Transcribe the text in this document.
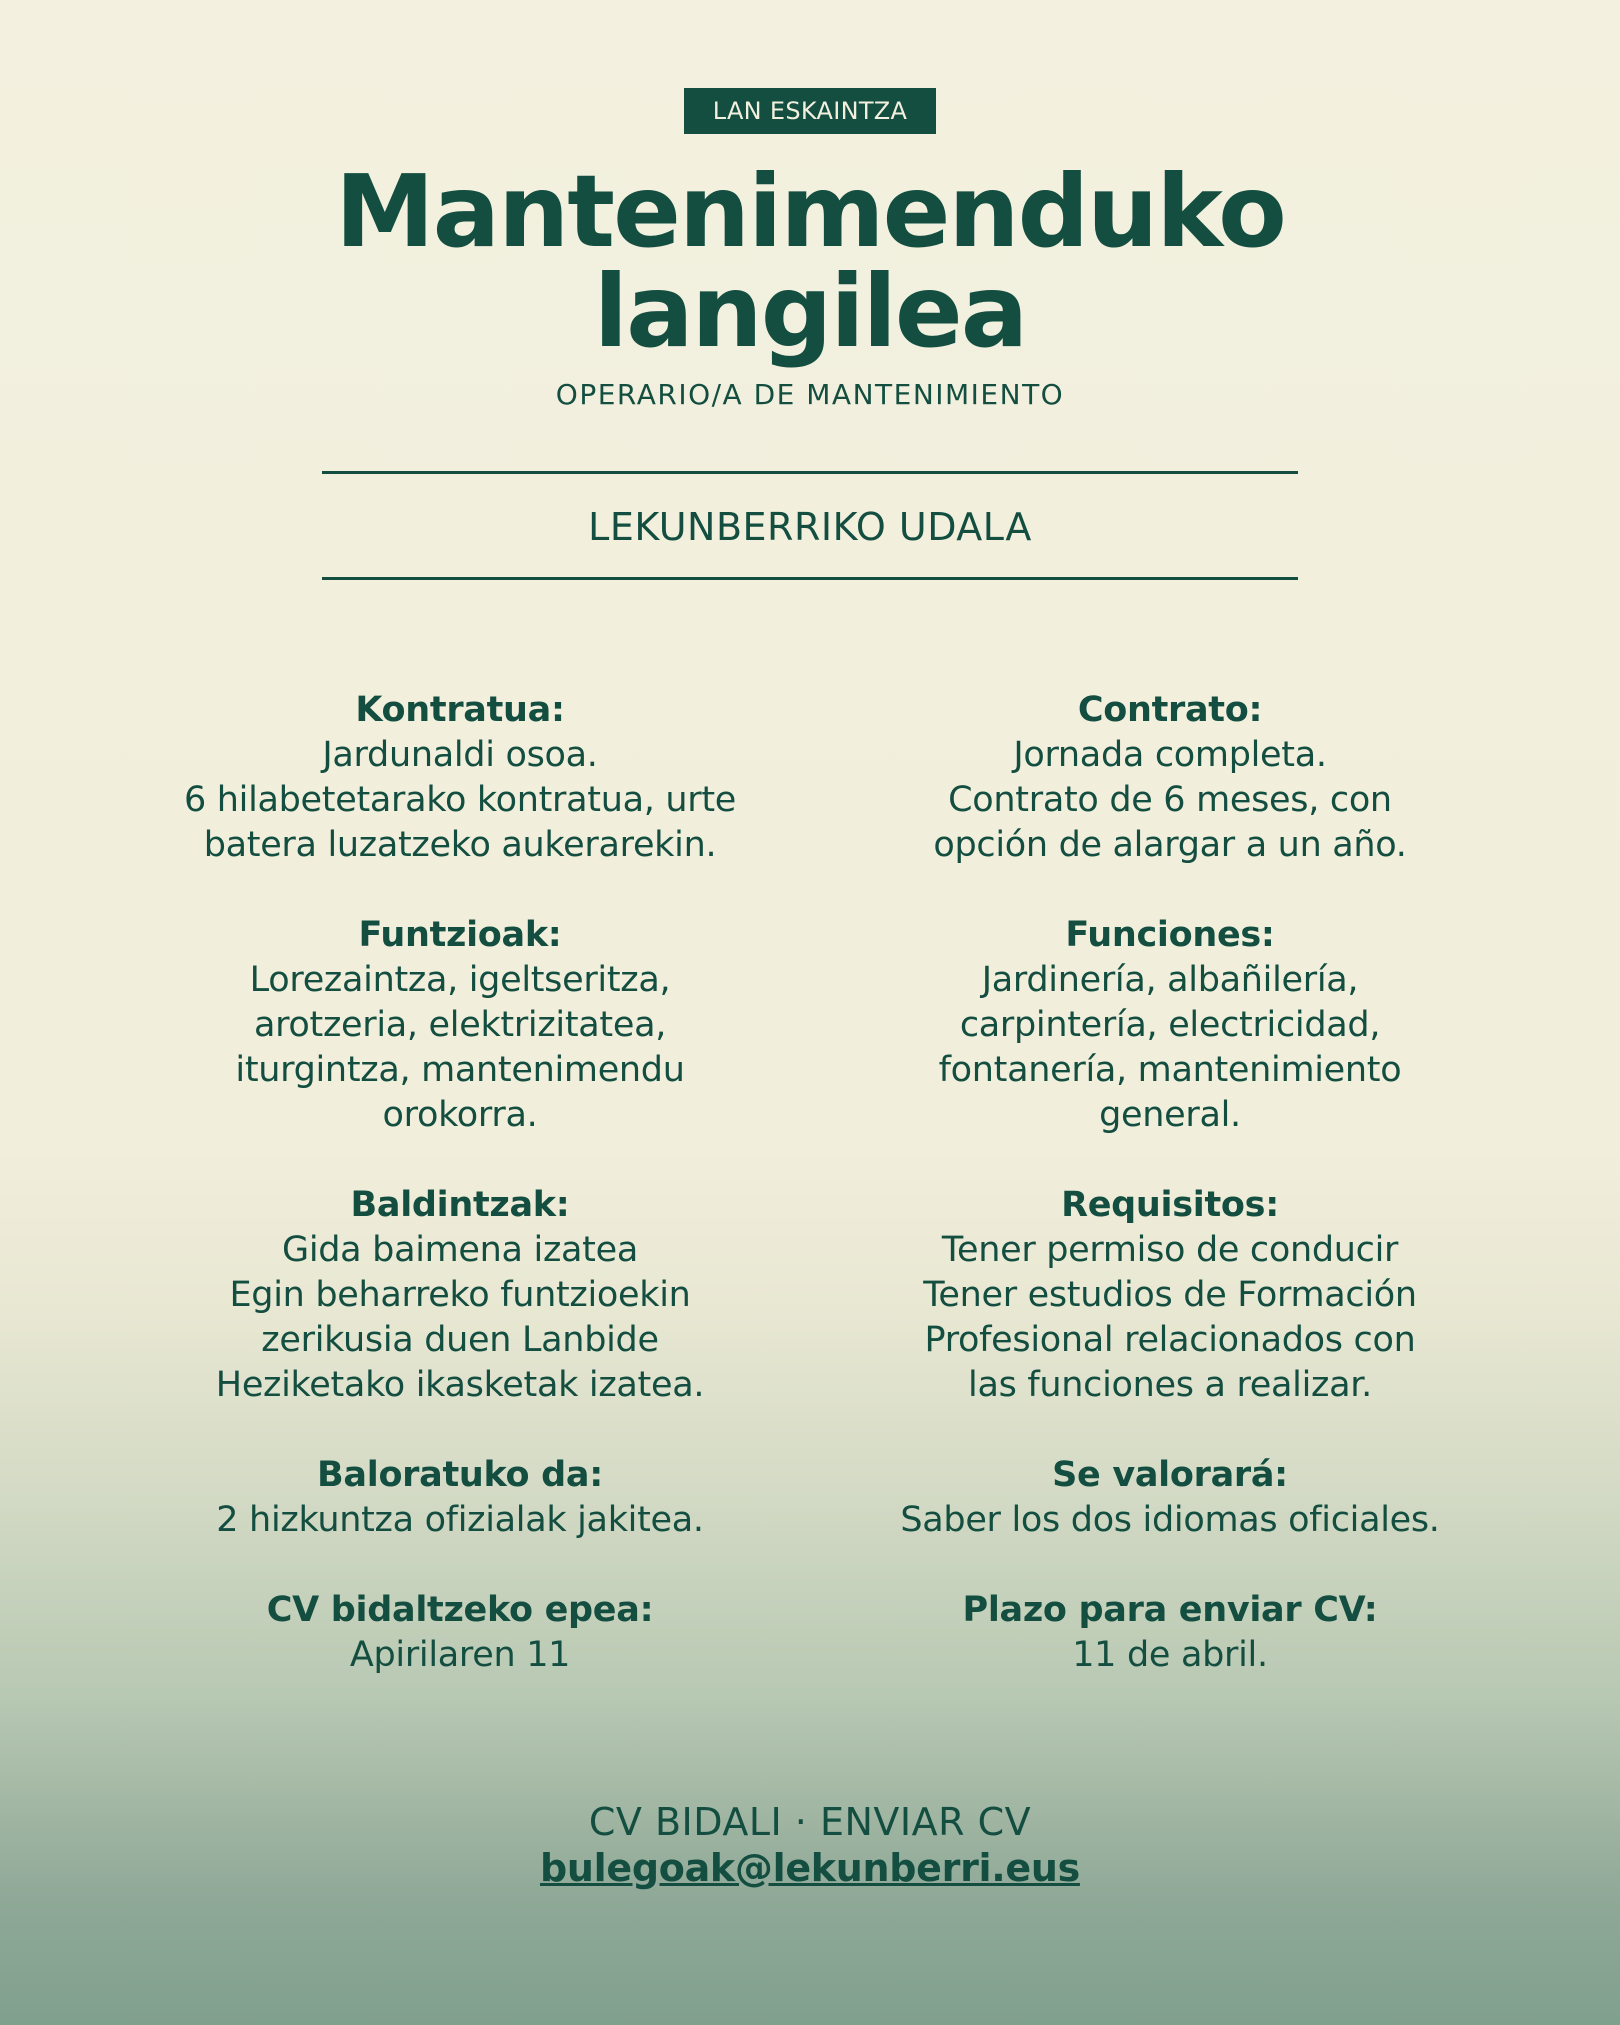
LAN ESKAINTZA
Mantenimenduko
langilea
OPERARIO/A DE MANTENIMIENTO
LEKUNBERRIKO UDALA
Kontratua:
Jardunaldi osoa.
6 hilabetetarako kontratua, urte
batera luzatzeko aukerarekin.
Funtzioak:
Lorezaintza, igeltseritza,
arotzeria, elektrizitatea,
iturgintza, mantenimendu
orokorra.
Baldintzak:
Gida baimena izatea
Egin beharreko funtzioekin
zerikusia duen Lanbide
Heziketako ikasketak izatea.
Baloratuko da:
2 hizkuntza ofizialak jakitea.
CV bidaltzeko epea:
Apirilaren 11
Contrato:
Jornada completa.
Contrato de 6 meses, con
opción de alargar a un año.
Funciones:
Jardinería, albañilería,
carpintería, electricidad,
fontanería, mantenimiento
general.
Requisitos:
Tener permiso de conducir
Tener estudios de Formación
Profesional relacionados con
las funciones a realizar.
Se valorará:
Saber los dos idiomas oficiales.
Plazo para enviar CV:
11 de abril.
CV BIDALI · ENVIAR CV
bulegoak@lekunberri.eus
